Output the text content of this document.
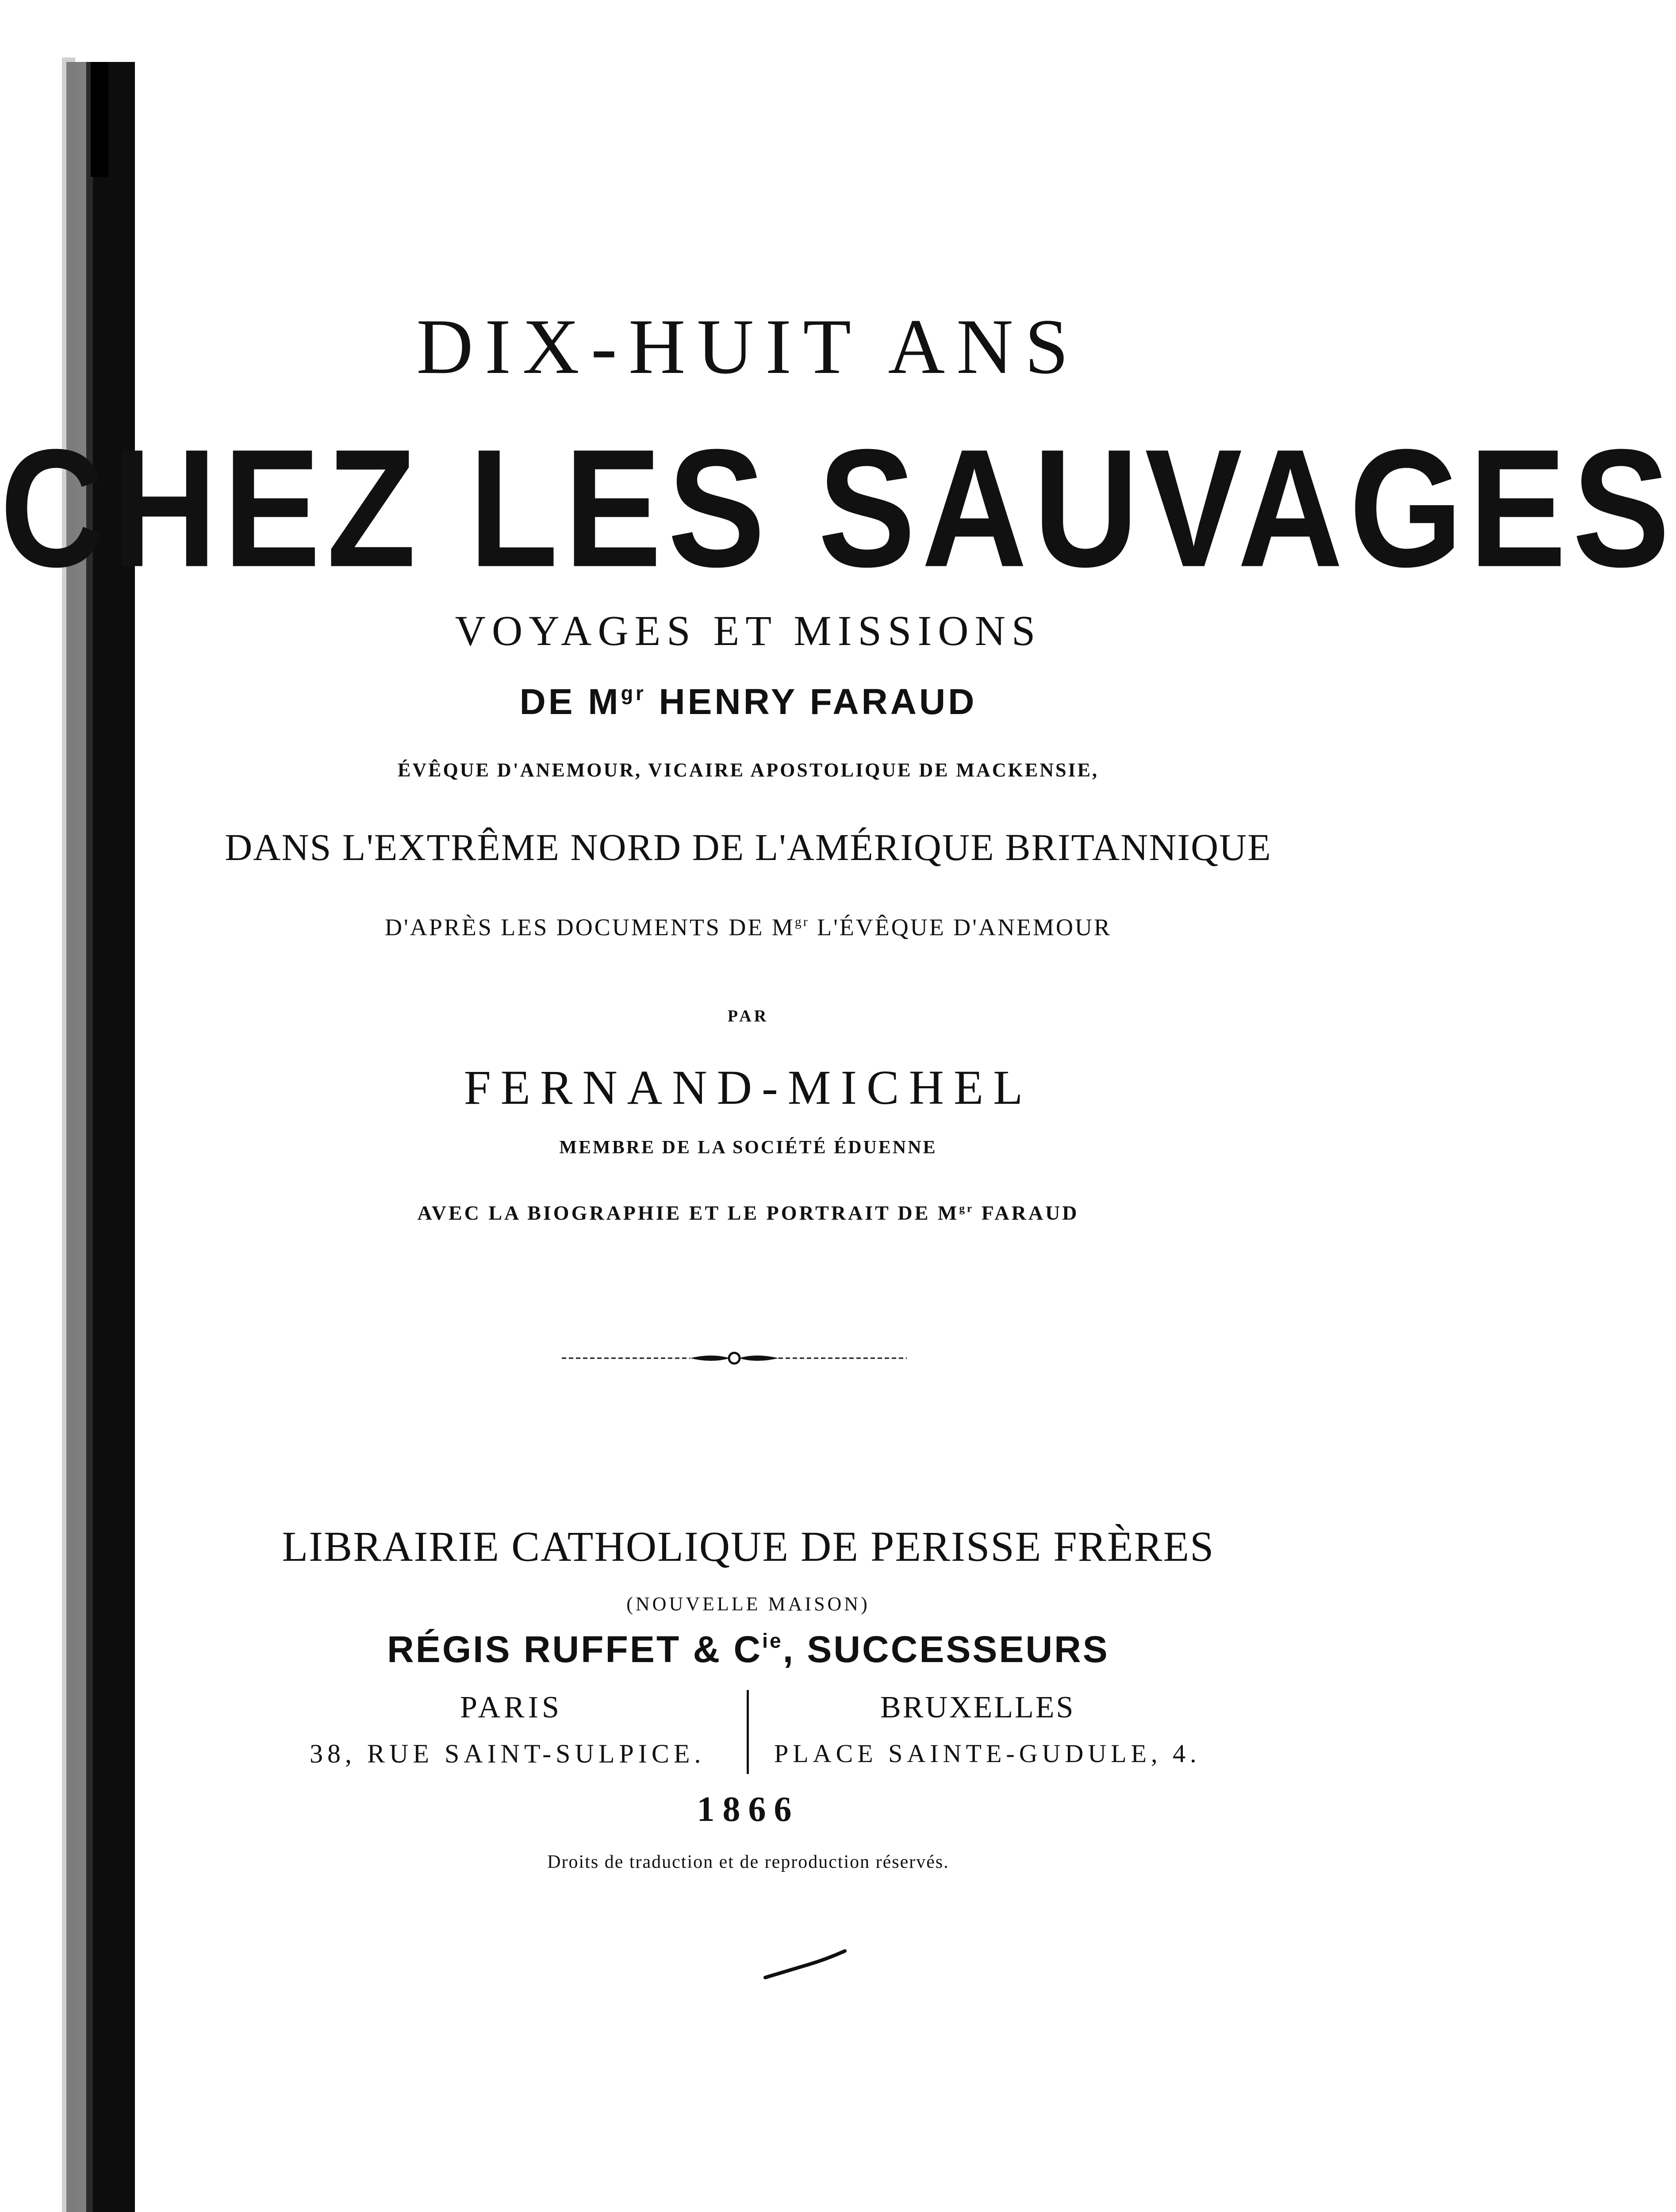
DIX-HUIT ANS
CHEZ LES SAUVAGES
VOYAGES ET MISSIONS
DE $M^{gr}$ HENRY FARAUD
ÉVÊQUE D'ANEMOUR, VICAIRE APOSTOLIQUE DE MACKENSIE,
DANS L'EXTRÊME NORD DE L'AMÉRIQUE BRITANNIQUE
D'APRÈS LES DOCUMENTS DE $M^{gr}$ L'ÉVÊQUE D'ANEMOUR
PAR
FERNAND-MICHEL
MEMBRE DE LA SOCIÉTÉ ÉDUENNE
AVEC LA BIOGRAPHIE ET LE PORTRAIT DE $M^{gr}$ FARAUD
LIBRAIRIE CATHOLIQUE DE PERISSE FRÈRES
(NOUVELLE MAISON)
RÉGIS RUFFET & $C^{ie}$, SUCCESSEURS
PARIS
38, RUE SAINT-SULPICE.
BRUXELLES
PLACE SAINTE-GUDULE, 4.
1866
Droits de traduction et de reproduction réservés.
